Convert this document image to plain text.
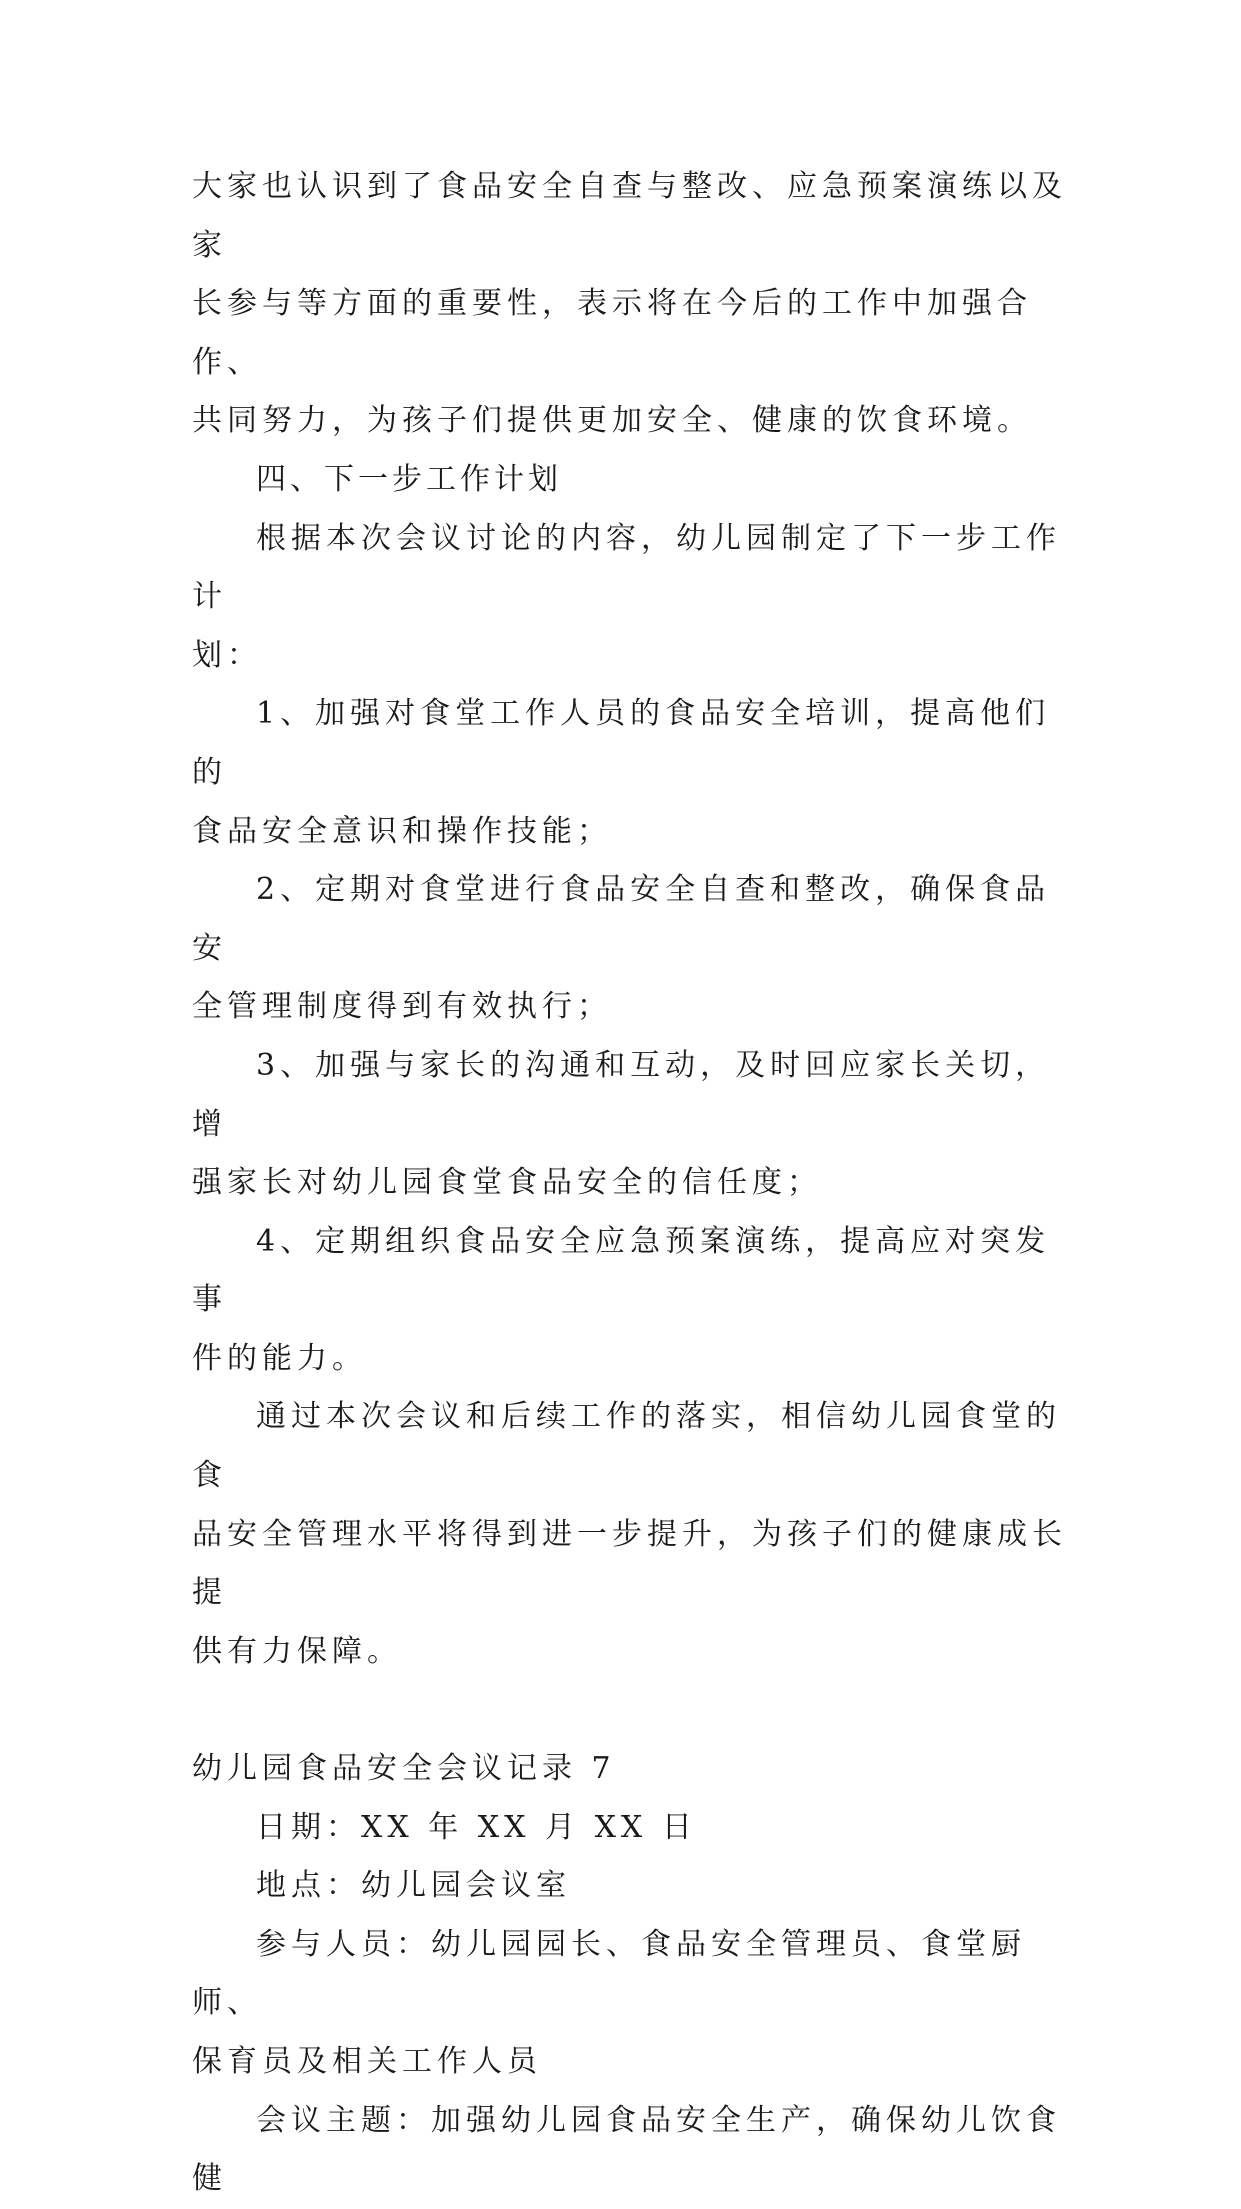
大家也认识到了食品安全自查与整改、应急预案演练以及家
长参与等方面的重要性，表示将在今后的工作中加强合作、
共同努力，为孩子们提供更加安全、健康的饮食环境。

四、下一步工作计划

根据本次会议讨论的内容，幼儿园制定了下一步工作计
划：

1、加强对食堂工作人员的食品安全培训，提高他们的
食品安全意识和操作技能；

2、定期对食堂进行食品安全自查和整改，确保食品安
全管理制度得到有效执行；

3、加强与家长的沟通和互动，及时回应家长关切，增
强家长对幼儿园食堂食品安全的信任度；

4、定期组织食品安全应急预案演练，提高应对突发事
件的能力。

通过本次会议和后续工作的落实，相信幼儿园食堂的食
品安全管理水平将得到进一步提升，为孩子们的健康成长提
供有力保障。

幼儿园食品安全会议记录 7

日期：XX 年 XX 月 XX 日

地点：幼儿园会议室

参与人员：幼儿园园长、食品安全管理员、食堂厨师、
保育员及相关工作人员

会议主题：加强幼儿园食品安全生产，确保幼儿饮食健
